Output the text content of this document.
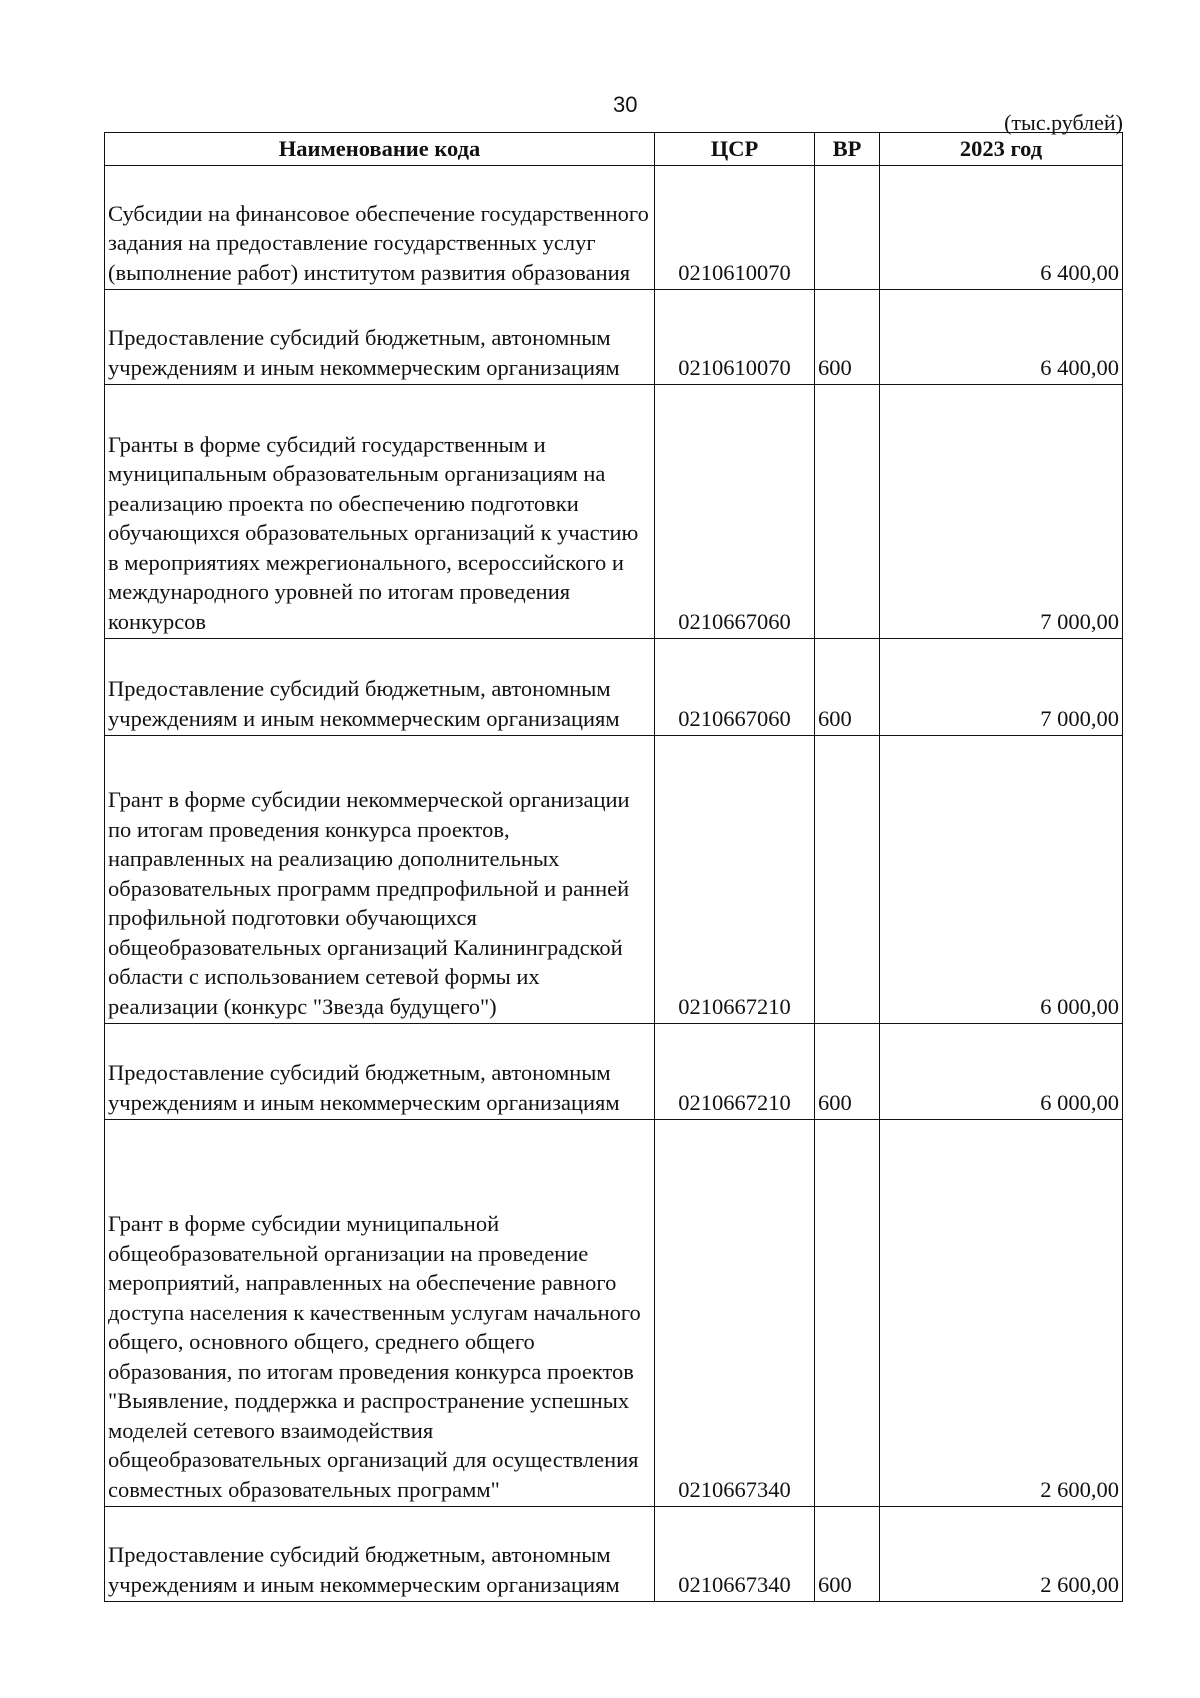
30
(тыс.рублей)
Наименование кода	ЦСР	ВР	2023 год
Субсидии на финансовое обеспечение государственного задания на предоставление государственных услуг (выполнение работ) институтом развития образования	0210610070		6 400,00
Предоставление субсидий бюджетным, автономным учреждениям и иным некоммерческим организациям	0210610070	600	6 400,00
Гранты в форме субсидий государственным и муниципальным образовательным организациям на реализацию проекта по обеспечению подготовки обучающихся образовательных организаций к участию в мероприятиях межрегионального, всероссийского и международного уровней по итогам проведения конкурсов	0210667060		7 000,00
Предоставление субсидий бюджетным, автономным учреждениям и иным некоммерческим организациям	0210667060	600	7 000,00
Грант в форме субсидии некоммерческой организации по итогам проведения конкурса проектов, направленных на реализацию дополнительных образовательных программ предпрофильной и ранней профильной подготовки обучающихся общеобразовательных организаций Калининградской области с использованием сетевой формы их реализации (конкурс "Звезда будущего")	0210667210		6 000,00
Предоставление субсидий бюджетным, автономным учреждениям и иным некоммерческим организациям	0210667210	600	6 000,00
Грант в форме субсидии муниципальной общеобразовательной организации на проведение мероприятий, направленных на обеспечение равного доступа населения к качественным услугам начального общего, основного общего, среднего общего образования, по итогам проведения конкурса проектов "Выявление, поддержка и распространение успешных моделей сетевого взаимодействия общеобразовательных организаций для осуществления совместных образовательных программ"	0210667340		2 600,00
Предоставление субсидий бюджетным, автономным учреждениям и иным некоммерческим организациям	0210667340	600	2 600,00
